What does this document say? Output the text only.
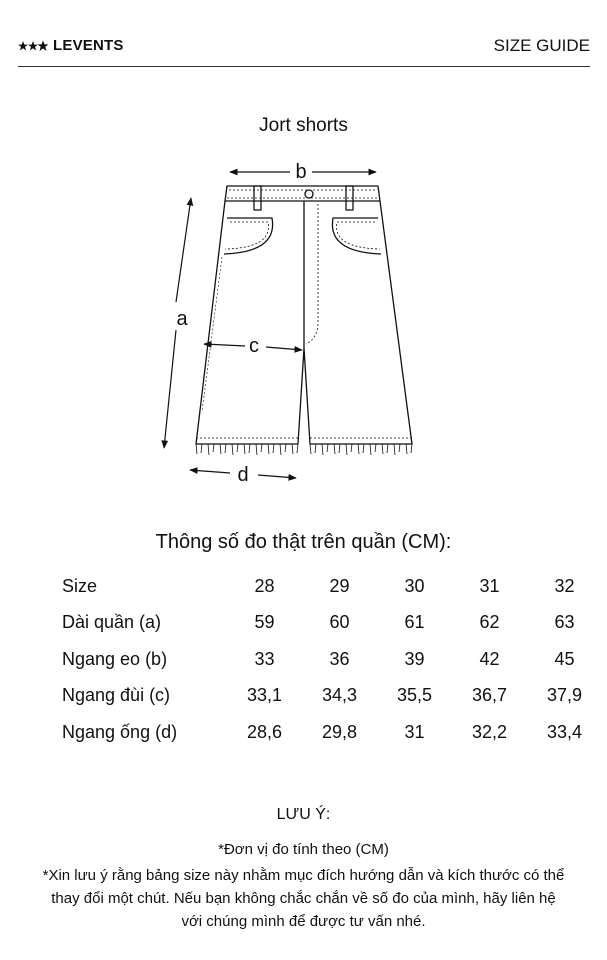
LEVENTS	SIZE GUIDE
Jort shorts
b
a
c
d
Thông số đo thật trên quần (CM):
Size	28	29	30	31	32
Dài quần (a)	59	60	61	62	63
Ngang eo (b)	33	36	39	42	45
Ngang đùi (c)	33,1	34,3	35,5	36,7	37,9
Ngang ống (d)	28,6	29,8	31	32,2	33,4
LƯU Ý:
*Đơn vị đo tính theo (CM)
*Xin lưu ý rằng bảng size này nhằm mục đích hướng dẫn và kích thước có thể thay đổi một chút. Nếu bạn không chắc chắn về số đo của mình, hãy liên hệ với chúng mình để được tư vấn nhé.
